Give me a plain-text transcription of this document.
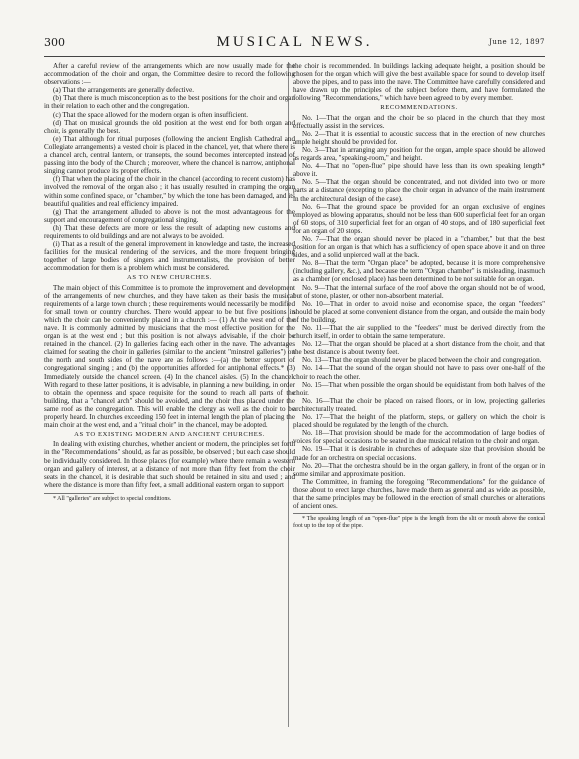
300	MUSICAL NEWS.	June 12, 1897

After a careful review of the arrangements which are now usually made for the accommodation of the choir and organ, the Committee desire to record the following observations :—

(a) That the arrangements are generally defective.

(b) That there is much misconception as to the best positions for the choir and organ in their relation to each other and the congregation.

(c) That the space allowed for the modern organ is often insufficient.

(d) That on musical grounds the old position at the west end for both organ and choir, is generally the best.

(e) That although for ritual purposes (following the ancient English Cathedral and Collegiate arrangements) a vested choir is placed in the chancel, yet, that where there is a chancel arch, central lantern, or transepts, the sound becomes intercepted instead of passing into the body of the Church ; moreover, where the chancel is narrow, antiphonal singing cannot produce its proper effects.

(f) That when the placing of the choir in the chancel (according to recent custom) has involved the removal of the organ also ; it has usually resulted in cramping the organ within some confined space, or "chamber," by which the tone has been damaged, and its beautiful qualities and real efficiency impaired.

(g) That the arrangement alluded to above is not the most advantageous for the support and encouragement of congregational singing.

(h) That these defects are more or less the result of adapting new customs and requirements to old buildings and are not always to be avoided.

(i) That as a result of the general improvement in knowledge and taste, the increased facilities for the musical rendering of the services, and the more frequent bringing together of large bodies of singers and instrumentalists, the provision of better accommodation for them is a problem which must be considered.

AS TO NEW CHURCHES.

The main object of this Committee is to promote the improvement and development of the arrangements of new churches, and they have taken as their basis the musical requirements of a large town church ; these requirements would necessarily be modified for small town or country churches. There would appear to be but five positions in which the choir can be conveniently placed in a church :— (1) At the west end of the nave. It is commonly admitted by musicians that the most effective position for the organ is at the west end ; but this position is not always advisable, if the choir be retained in the chancel. (2) In galleries facing each other in the nave. The advantages claimed for seating the choir in galleries (similar to the ancient "minstrel galleries") on the north and south sides of the nave are as follows :—(a) the better support of congregational singing ; and (b) the opportunities afforded for antiphonal effects.* (3) Immediately outside the chancel screen. (4) In the chancel aisles. (5) In the chancel. With regard to these latter positions, it is advisable, in planning a new building, in order to obtain the openness and space requisite for the sound to reach all parts of the building, that a "chancel arch" should be avoided, and the choir thus placed under the same roof as the congregation. This will enable the clergy as well as the choir to be properly heard. In churches exceeding 150 feet in internal length the plan of placing the main choir at the west end, and a "ritual choir" in the chancel, may be adopted.

AS TO EXISTING MODERN AND ANCIENT CHURCHES.

In dealing with existing churches, whether ancient or modern, the principles set forth in the "Recommendations" should, as far as possible, be observed ; but each case should be individually considered. In those places (for example) where there remain a western organ and gallery of interest, at a distance of not more than fifty feet from the choir seats in the chancel, it is desirable that such should be retained in situ and used ; and where the distance is more than fifty feet, a small additional eastern organ to support

* All "galleries" are subject to special conditions.

the choir is recommended. In buildings lacking adequate height, a position should be chosen for the organ which will give the best available space for sound to develop itself above the pipes, and to pass into the nave. The Committee have carefully considered and have drawn up the principles of the subject before them, and have formulated the following "Recommendations," which have been agreed to by every member.

RECOMMENDATIONS.

No. 1—That the organ and the choir be so placed in the church that they most effectually assist in the services.

No. 2—That it is essential to acoustic success that in the erection of new churches ample height should be provided for.

No. 3—That in arranging any position for the organ, ample space should be allowed as regards area, "speaking-room," and height.

No. 4—That no "open-flue" pipe should have less than its own speaking length* above it.

No. 5—That the organ should be concentrated, and not divided into two or more parts at a distance (excepting to place the choir organ in advance of the main instrument in the architectural design of the case).

No. 6—That the ground space be provided for an organ exclusive of engines employed as blowing apparatus, should not be less than 600 superficial feet for an organ of 60 stops, of 310 superficial feet for an organ of 40 stops, and of 180 superficial feet for an organ of 20 stops.

No. 7—That the organ should never be placed in a "chamber," but that the best position for an organ is that which has a sufficiency of open space above it and on three sides, and a solid unpierced wall at the back.

No. 8—That the term "Organ place" be adopted, because it is more comprehensive (including gallery, &c.), and because the term "Organ chamber" is misleading, inasmuch as a chamber (or enclosed place) has been determined to be not suitable for an organ.

No. 9—That the internal surface of the roof above the organ should not be of wood, but of stone, plaster, or other non-absorbent material.

No. 10—That in order to avoid noise and economise space, the organ "feeders" should be placed at some convenient distance from the organ, and outside the main body of the building.

No. 11—That the air supplied to the "feeders" must be derived directly from the church itself, in order to obtain the same temperature.

No. 12—That the organ should be placed at a short distance from the choir, and that the best distance is about twenty feet.

No. 13—That the organ should never be placed between the choir and congregation.

No. 14—That the sound of the organ should not have to pass over one-half of the choir to reach the other.

No. 15—That when possible the organ should be equidistant from both halves of the choir.

No. 16—That the choir be placed on raised floors, or in low, projecting galleries architecturally treated.

No. 17—That the height of the platform, steps, or gallery on which the choir is placed should be regulated by the length of the church.

No. 18—That provision should be made for the accommodation of large bodies of voices for special occasions to be seated in due musical relation to the choir and organ.

No. 19—That it is desirable in churches of adequate size that provision should be made for an orchestra on special occasions.

No. 20—That the orchestra should be in the organ gallery, in front of the organ or in some similar and approximate position.

The Committee, in framing the foregoing "Recommendations" for the guidance of those about to erect large churches, have made them as general and as wide as possible, that the same principles may be followed in the erection of small churches or alterations of ancient ones.

* The speaking length of an "open-flue" pipe is the length from the slit or mouth above the conical foot up to the top of the pipe.
